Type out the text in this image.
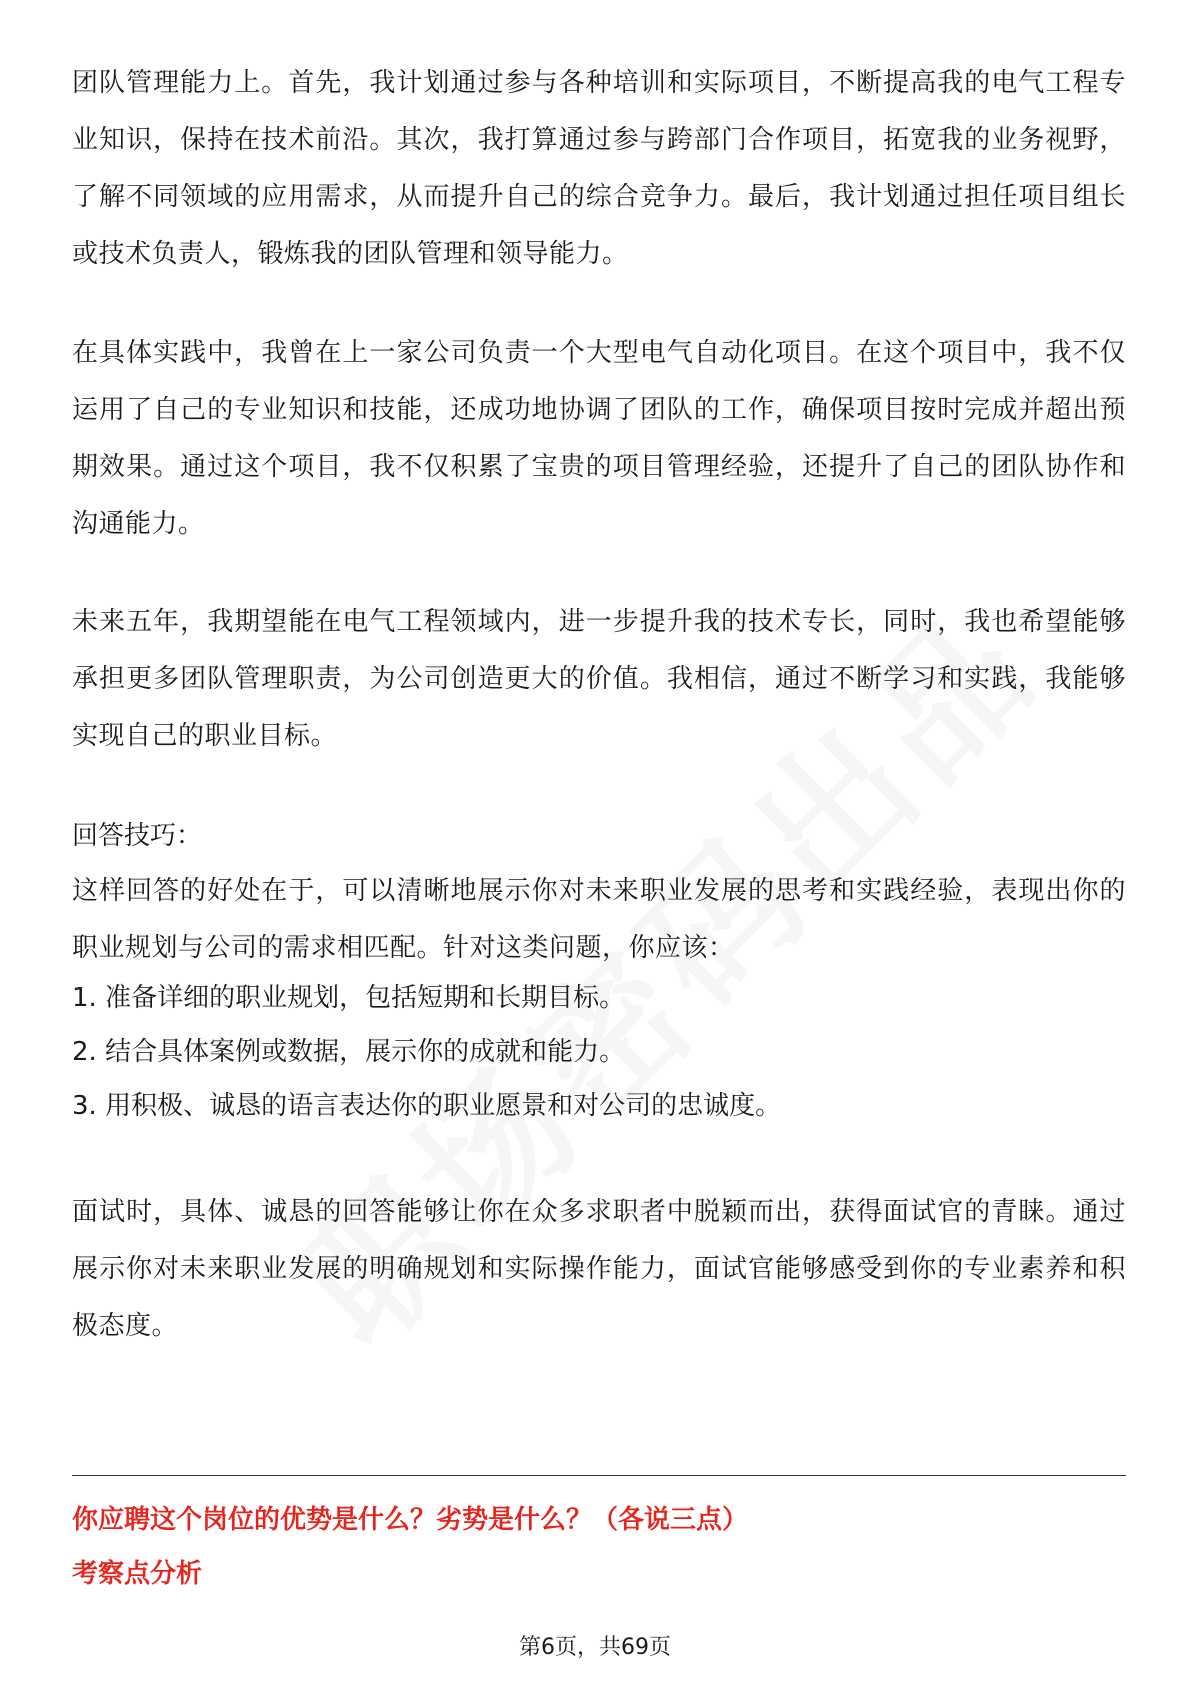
团队管理能力上。首先，我计划通过参与各种培训和实际项目，不断提高我的电气工程专业知识，保持在技术前沿。其次，我打算通过参与跨部门合作项目，拓宽我的业务视野，了解不同领域的应用需求，从而提升自己的综合竞争力。最后，我计划通过担任项目组长或技术负责人，锻炼我的团队管理和领导能力。

在具体实践中，我曾在上一家公司负责一个大型电气自动化项目。在这个项目中，我不仅运用了自己的专业知识和技能，还成功地协调了团队的工作，确保项目按时完成并超出预期效果。通过这个项目，我不仅积累了宝贵的项目管理经验，还提升了自己的团队协作和沟通能力。

未来五年，我期望能在电气工程领域内，进一步提升我的技术专长，同时，我也希望能够承担更多团队管理职责，为公司创造更大的价值。我相信，通过不断学习和实践，我能够实现自己的职业目标。

回答技巧：

这样回答的好处在于，可以清晰地展示你对未来职业发展的思考和实践经验，表现出你的职业规划与公司的需求相匹配。针对这类问题，你应该：

1. 准备详细的职业规划，包括短期和长期目标。

2. 结合具体案例或数据，展示你的成就和能力。

3. 用积极、诚恳的语言表达你的职业愿景和对公司的忠诚度。

面试时，具体、诚恳的回答能够让你在众多求职者中脱颖而出，获得面试官的青睐。通过展示你对未来职业发展的明确规划和实际操作能力，面试官能够感受到你的专业素养和积极态度。

你应聘这个岗位的优势是什么？劣势是什么？（各说三点）
考察点分析
第6页，共69页
